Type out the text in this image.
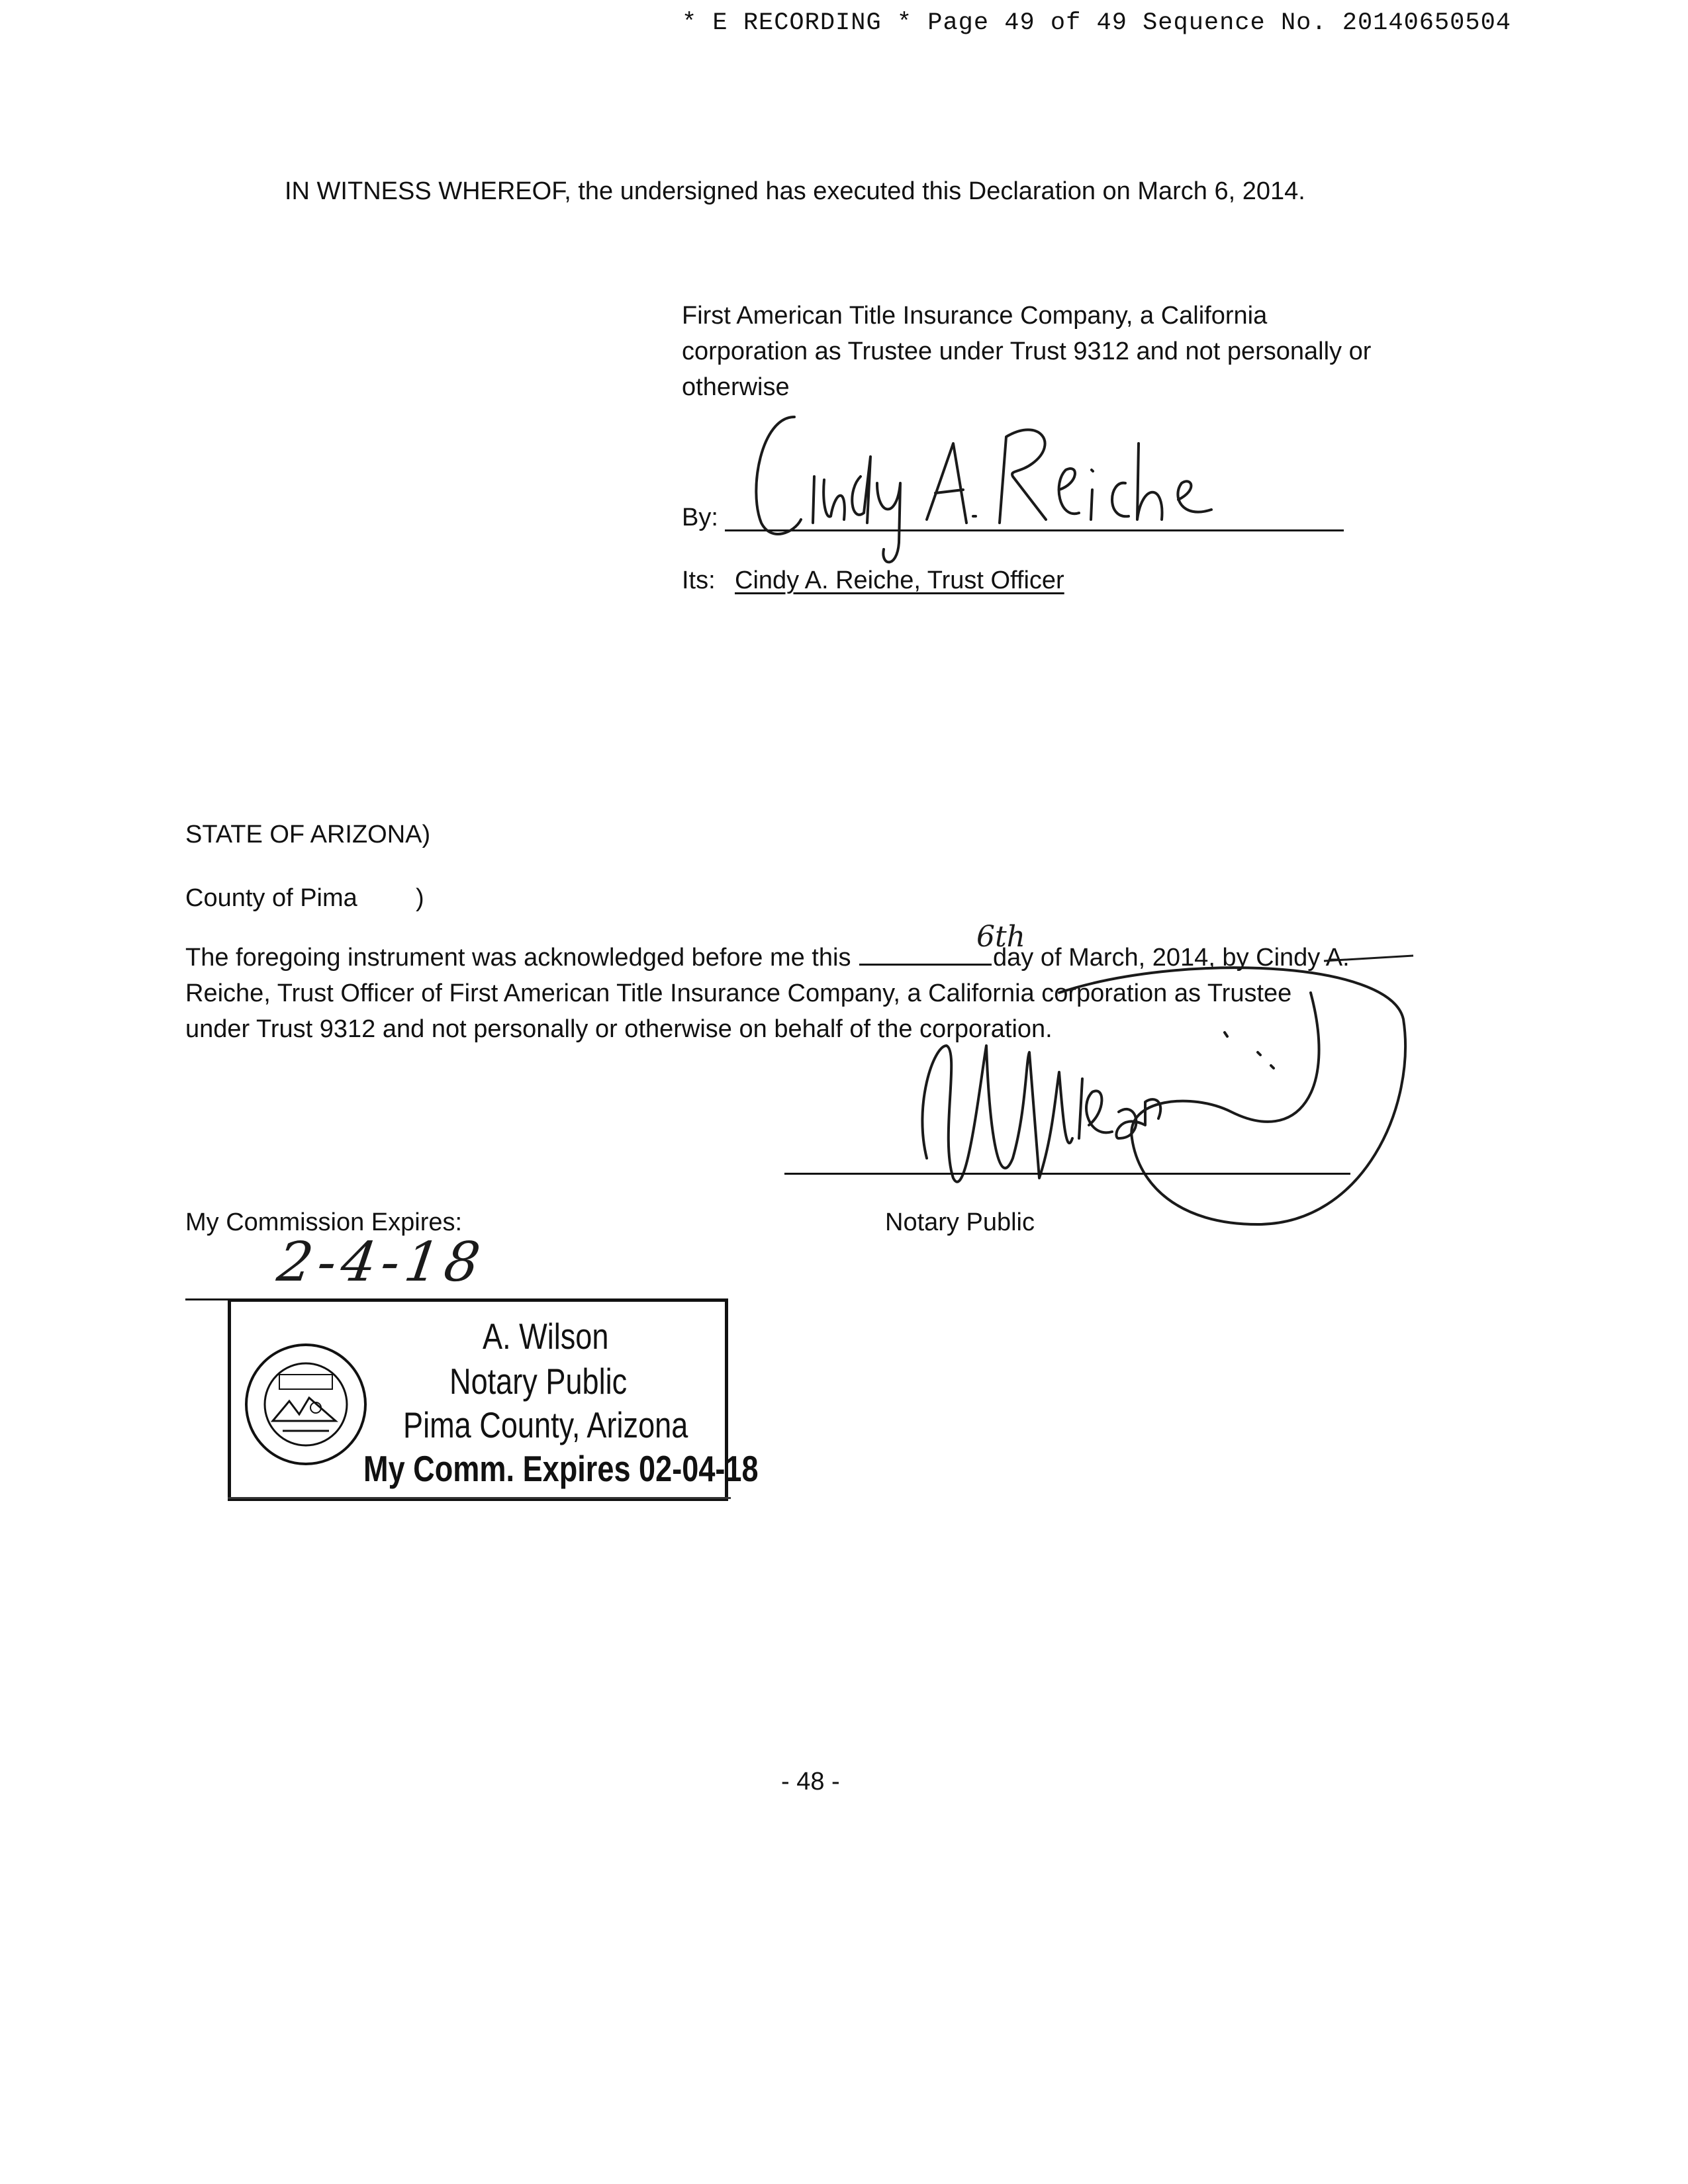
* E RECORDING * Page 49 of 49 Sequence No. 20140650504
IN WITNESS WHEREOF, the undersigned has executed this Declaration on March 6, 2014.
First American Title Insurance Company, a California
corporation as Trustee under Trust 9312 and not personally or
otherwise
By:
Its: Cindy A. Reiche, Trust Officer
STATE OF ARIZONA)
County of Pima )
The foregoing instrument was acknowledged before me this	day of March, 2014, by Cindy A.
Reiche, Trust Officer of First American Title Insurance Company, a California corporation as Trustee
under Trust 9312 and not personally or otherwise on behalf of the corporation.
6th
Notary Public
My Commission Expires:
2-4-18
A. Wilson
Notary Public
Pima County, Arizona
My Comm. Expires 02-04-18
- 48 -
